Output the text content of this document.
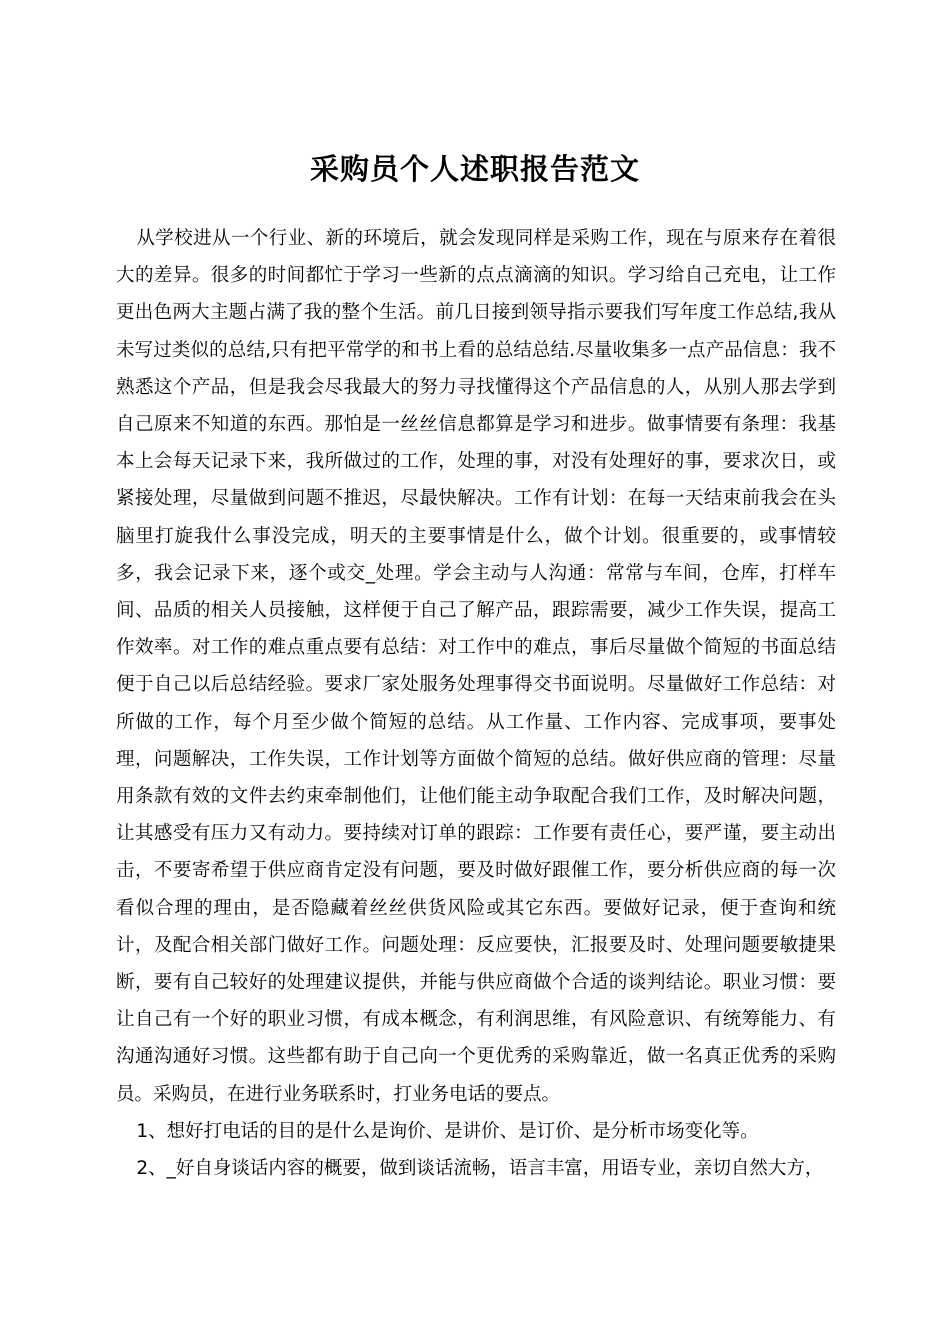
采购员个人述职报告范文

从学校进从一个行业、新的环境后，就会发现同样是采购工作，现在与原来存在着很大的差异。很多的时间都忙于学习一些新的点点滴滴的知识。学习给自己充电，让工作更出色两大主题占满了我的整个生活。前几日接到领导指示要我们写年度工作总结,我从未写过类似的总结,只有把平常学的和书上看的总结总结.尽量收集多一点产品信息：我不熟悉这个产品，但是我会尽我最大的努力寻找懂得这个产品信息的人，从别人那去学到自己原来不知道的东西。那怕是一丝丝信息都算是学习和进步。做事情要有条理：我基本上会每天记录下来，我所做过的工作，处理的事，对没有处理好的事，要求次日，或紧接处理，尽量做到问题不推迟，尽最快解决。工作有计划：在每一天结束前我会在头脑里打旋我什么事没完成，明天的主要事情是什么，做个计划。很重要的，或事情较多，我会记录下来，逐个或交_处理。学会主动与人沟通：常常与车间，仓库，打样车间、品质的相关人员接触，这样便于自己了解产品，跟踪需要，减少工作失误，提高工作效率。对工作的难点重点要有总结：对工作中的难点，事后尽量做个简短的书面总结便于自己以后总结经验。要求厂家处服务处理事得交书面说明。尽量做好工作总结：对所做的工作，每个月至少做个简短的总结。从工作量、工作内容、完成事项，要事处理，问题解决，工作失误，工作计划等方面做个简短的总结。做好供应商的管理：尽量用条款有效的文件去约束牵制他们，让他们能主动争取配合我们工作，及时解决问题，让其感受有压力又有动力。要持续对订单的跟踪：工作要有责任心，要严谨，要主动出击，不要寄希望于供应商肯定没有问题，要及时做好跟催工作，要分析供应商的每一次看似合理的理由，是否隐藏着丝丝供货风险或其它东西。要做好记录，便于查询和统计，及配合相关部门做好工作。问题处理：反应要快，汇报要及时、处理问题要敏捷果断，要有自己较好的处理建议提供，并能与供应商做个合适的谈判结论。职业习惯：要让自己有一个好的职业习惯，有成本概念，有利润思维，有风险意识、有统筹能力、有沟通沟通好习惯。这些都有助于自己向一个更优秀的采购靠近，做一名真正优秀的采购员。采购员，在进行业务联系时，打业务电话的要点。

1、想好打电话的目的是什么是询价、是讲价、是订价、是分析市场变化等。

2、_好自身谈话内容的概要，做到谈话流畅，语言丰富，用语专业，亲切自然大方，
